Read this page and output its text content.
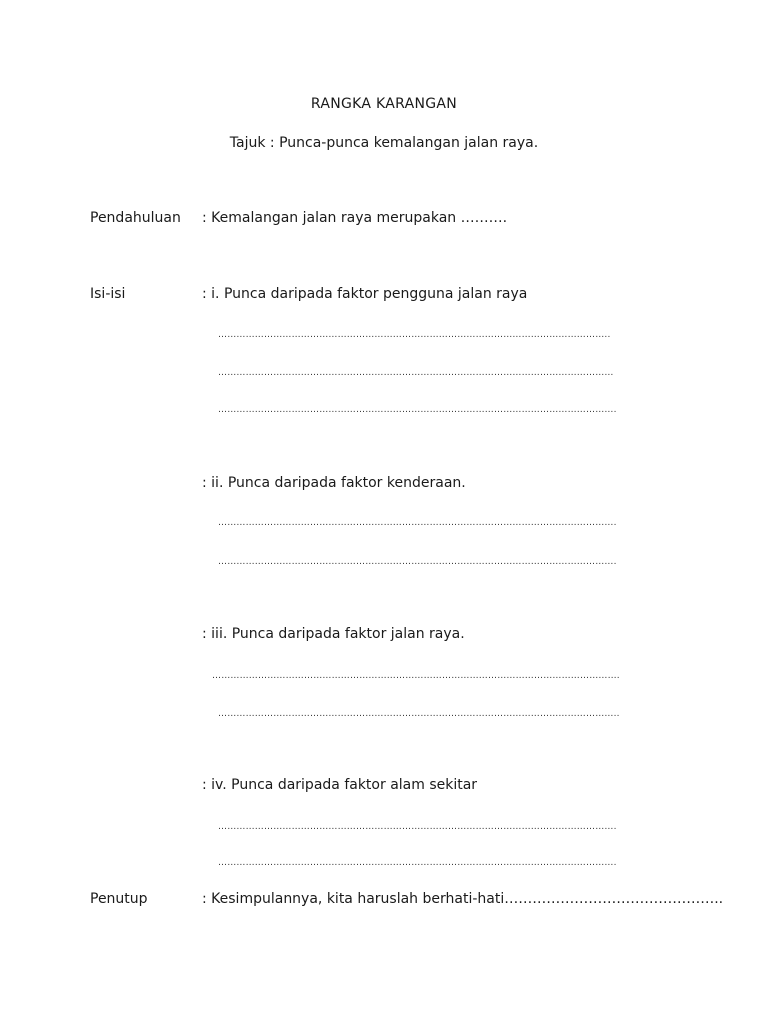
RANGKA KARANGAN
Tajuk : Punca-punca kemalangan jalan raya.
Pendahuluan : Kemalangan jalan raya merupakan ……….
Isi-isi	: i. Punca daripada faktor pengguna jalan raya
………………………………………………………………………………………………………………..
…………………………………………………………………………………………………………………
………………………………………………………………………………………………………………….
: ii. Punca daripada faktor kenderaan.
………………………………………………………………………………………………………………….
………………………………………………………………………………………………………………….
: iii. Punca daripada faktor jalan raya.
…………………………………………………………………………………………………………………….
…………………………………………………………………………………………………………………..
: iv. Punca daripada faktor alam sekitar
………………………………………………………………………………………………………………….
………………………………………………………………………………………………………………….
Penutup	: Kesimpulannya, kita haruslah berhati-hati………………………………………..
